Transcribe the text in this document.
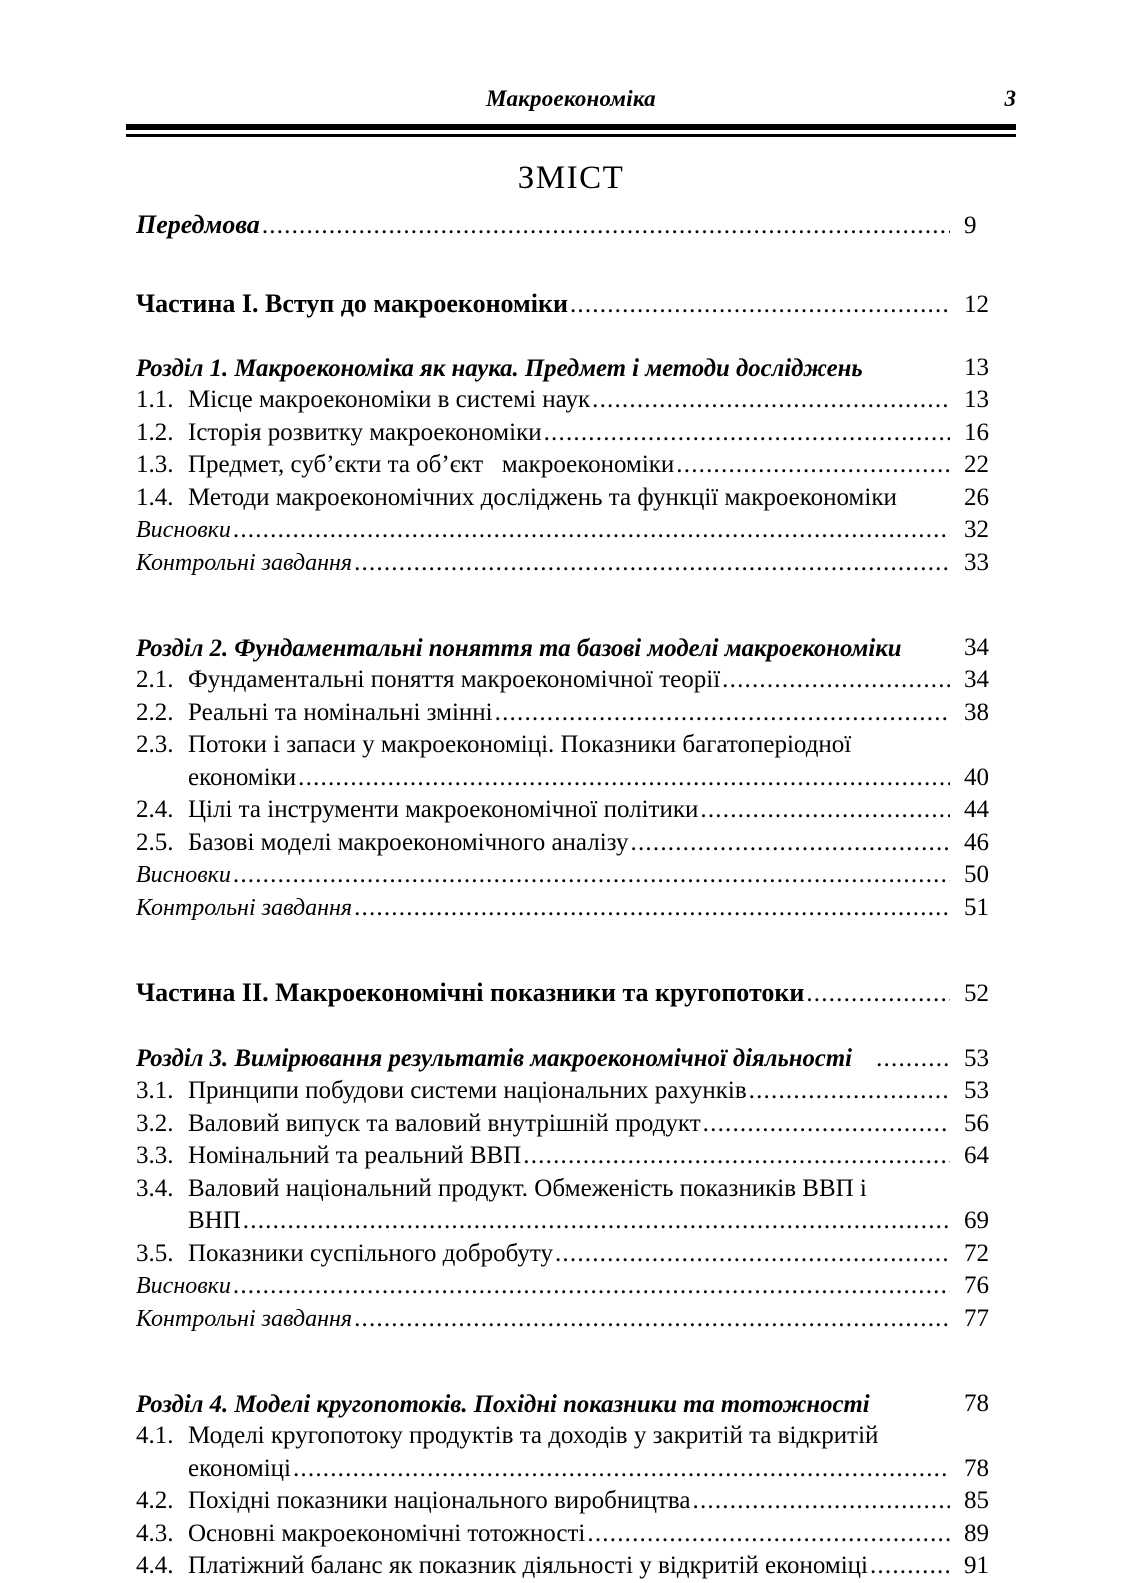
Макроекономіка	3
ЗМІСТ
Передмова .....	9
Частина I. Вступ до макроекономіки .....	12
Розділ 1. Макроекономіка як наука. Предмет і методи досліджень	13
1.1. Місце макроекономіки в системі наук .....	13
1.2. Історія розвитку макроекономіки .....	16
1.3. Предмет, суб’єкти та об’єкт   макроекономіки .....	22
1.4. Методи макроекономічних досліджень та функції макроекономіки	26
Висновки .....	32
Контрольні завдання .....	33
Розділ 2. Фундаментальні поняття та базові моделі макроекономіки	34
2.1. Фундаментальні поняття макроекономічної теорії .....	34
2.2. Реальні та номінальні змінні .....	38
2.3. Потоки і запаси у макроекономіці. Показники багатоперіодної
економіки .....	40
2.4. Цілі та інструменти макроекономічної політики .....	44
2.5. Базові моделі макроекономічного аналізу .....	46
Висновки .....	50
Контрольні завдання .....	51
Частина II. Макроекономічні показники та кругопотоки .....	52
Розділ 3. Вимірювання результатів макроекономічної діяльності .....	53
3.1. Принципи побудови системи національних рахунків .....	53
3.2. Валовий випуск та валовий внутрішній продукт .....	56
3.3. Номінальний та реальний ВВП .....	64
3.4. Валовий національний продукт. Обмеженість показників ВВП і
ВНП .....	69
3.5. Показники суспільного добробуту .....	72
Висновки .....	76
Контрольні завдання .....	77
Розділ 4. Моделі кругопотоків. Похідні показники та тотожності	78
4.1. Моделі кругопотоку продуктів та доходів у закритій та відкритій
економіці .....	78
4.2. Похідні показники національного виробництва .....	85
4.3. Основні макроекономічні тотожності .....	89
4.4. Платіжний баланс як показник діяльності у відкритій економіці .....	91
